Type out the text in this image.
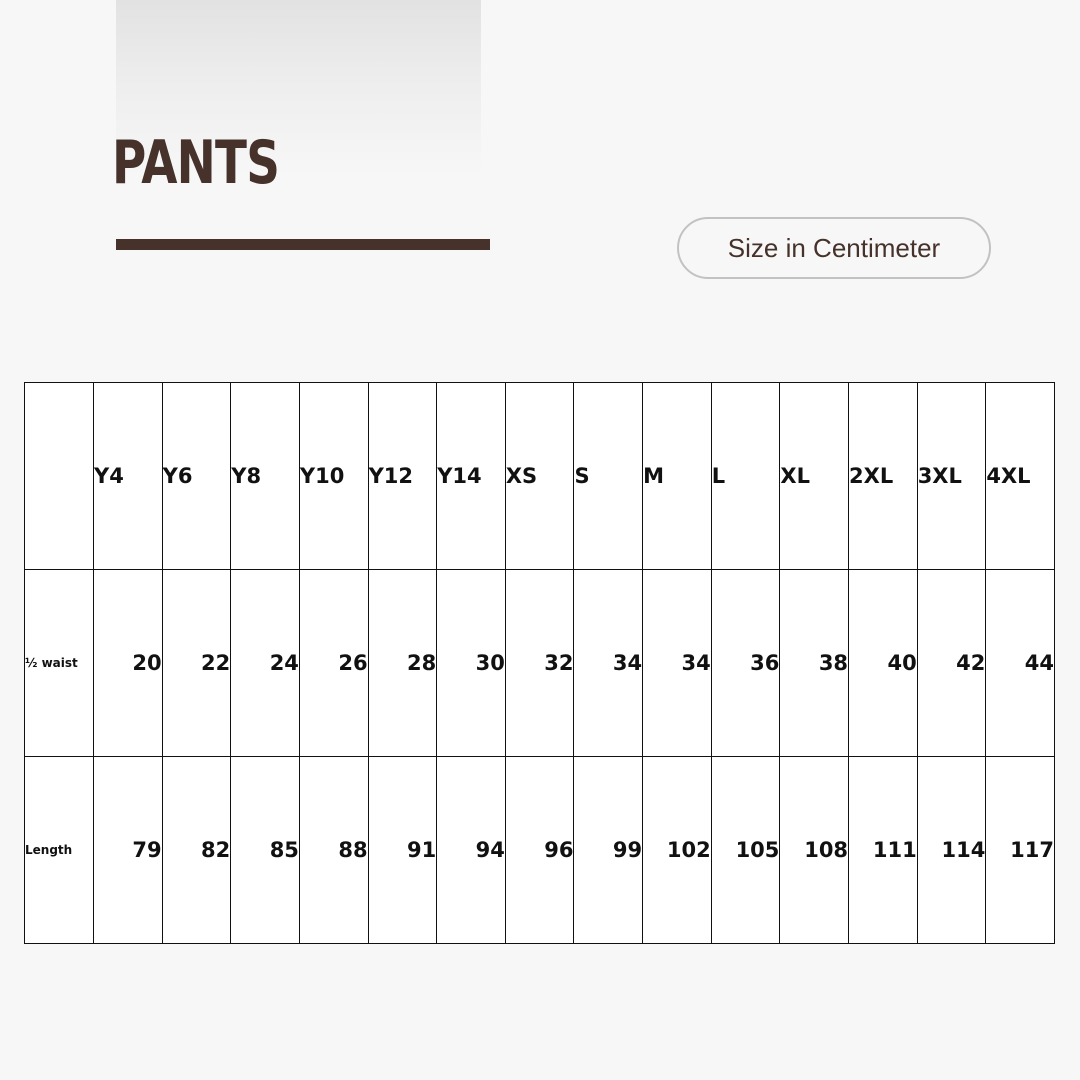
PANTS
Size in Centimeter
	Y4	Y6	Y8	Y10	Y12	Y14	XS	S	M	L	XL	2XL	3XL	4XL
½ waist	20	22	24	26	28	30	32	34	34	36	38	40	42	44
Length	79	82	85	88	91	94	96	99	102	105	108	111	114	117
